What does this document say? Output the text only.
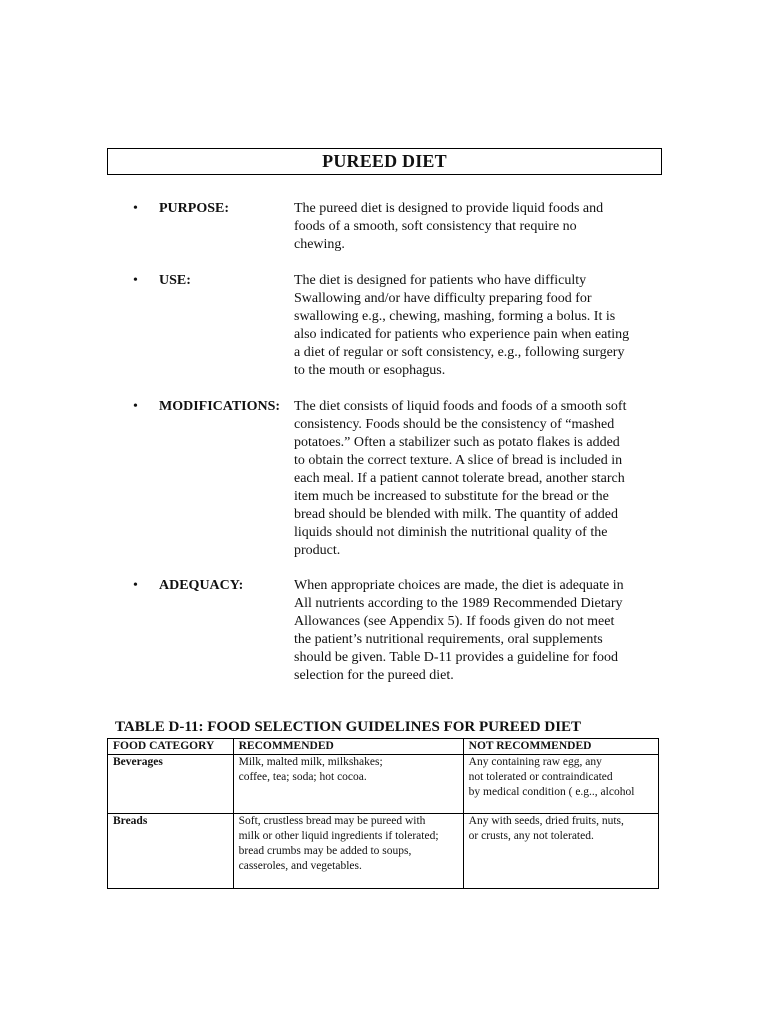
PUREED DIET
• PURPOSE:	The pureed diet is designed to provide liquid foods and
foods of a smooth, soft consistency that require no
chewing.
• USE:	The diet is designed for patients who have difficulty
Swallowing and/or have difficulty preparing food for
swallowing e.g., chewing, mashing, forming a bolus. It is
also indicated for patients who experience pain when eating
a diet of regular or soft consistency, e.g., following surgery
to the mouth or esophagus.
• MODIFICATIONS: The diet consists of liquid foods and foods of a smooth soft
consistency. Foods should be the consistency of “mashed
potatoes.” Often a stabilizer such as potato flakes is added
to obtain the correct texture. A slice of bread is included in
each meal. If a patient cannot tolerate bread, another starch
item much be increased to substitute for the bread or the
bread should be blended with milk. The quantity of added
liquids should not diminish the nutritional quality of the
product.
• ADEQUACY:	When appropriate choices are made, the diet is adequate in
All nutrients according to the 1989 Recommended Dietary
Allowances (see Appendix 5). If foods given do not meet
the patient’s nutritional requirements, oral supplements
should be given. Table D-11 provides a guideline for food
selection for the pureed diet.
TABLE D-11: FOOD SELECTION GUIDELINES FOR PUREED DIET
FOOD CATEGORY	RECOMMENDED	NOT RECOMMENDED
Beverages	Milk, malted milk, milkshakes;
coffee, tea; soda; hot cocoa.	Any containing raw egg, any
not tolerated or contraindicated
by medical condition ( e.g.., alcohol
Breads	Soft, crustless bread may be pureed with
milk or other liquid ingredients if tolerated;
bread crumbs may be added to soups,
casseroles, and vegetables.	Any with seeds, dried fruits, nuts,
or crusts, any not tolerated.
